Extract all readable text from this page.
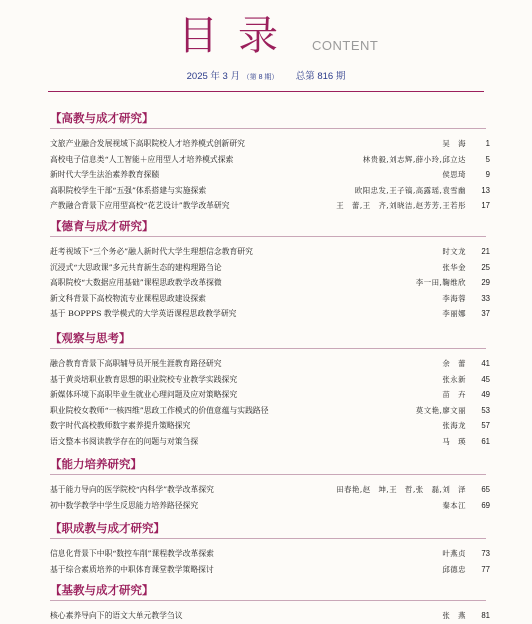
目录 CONTENT
2025 年 3 月 （第 8 期） 总第 816 期
【高教与成才研究】
文旅产业融合发展视域下高职院校人才培养模式创新研究	吴　海	1
高校电子信息类“人工智能＋应用型人才培养模式探索	林贵毅,刘志辉,薛小玲,邱立达	5
新时代大学生法治素养教育探赜	侯思琦	9
高职院校学生干部“五强”体系搭建与实施探索	欧阳忠发,王子镐,高露瑶,袁雪幽	13
产教融合背景下应用型高校“花艺设计”教学改革研究	王　蕾,王　齐,刘晓洁,赵芳芳,王若彤	17
【德育与成才研究】
赶考视域下“三个务必”融人新时代大学生理想信念教育研究	时文龙	21
沉浸式“大思政课”多元共育新生态的建构理路刍论	张华金	25
高职院校“大数据应用基础”课程思政教学改革探微	李一田,鞠维欣	29
新文科背景下高校物流专业课程思政建设探索	李海蓉	33
基于 BOPPPS 教学模式的大学英语课程思政教学研究	李丽娜	37
【观察与思考】
融合教育背景下高职辅导员开展生涯教育路径研究	余　蕾	41
基于黄炎培职业教育思想的职业院校专业教学实践探究	张永新	45
新媒体环境下高职毕业生就业心理问题及应对策略探究	苗　卉	49
职业院校女教师“一核四维”思政工作模式的价值意蕴与实践路径	莫文艳,廖文丽	53
数字时代高校教师数字素养提升策略探究	张海龙	57
语文整本书阅读教学存在的问题与对策刍探	马　瑛	61
【能力培养研究】
基于能力导向的医学院校“内科学”教学改革探究	田春艳,赵　坤,王　哲,张　磊,刘　泽	65
初中数学教学中学生反思能力培养路径探究	秦本江	69
【职成教与成才研究】
信息化背景下中职“数控车削”课程教学改革探索	叶燕贞	73
基于综合素质培养的中职体育课堂教学策略探讨	邱德忠	77
【基教与成才研究】
核心素养导向下的语文大单元教学刍议	张　燕	81
